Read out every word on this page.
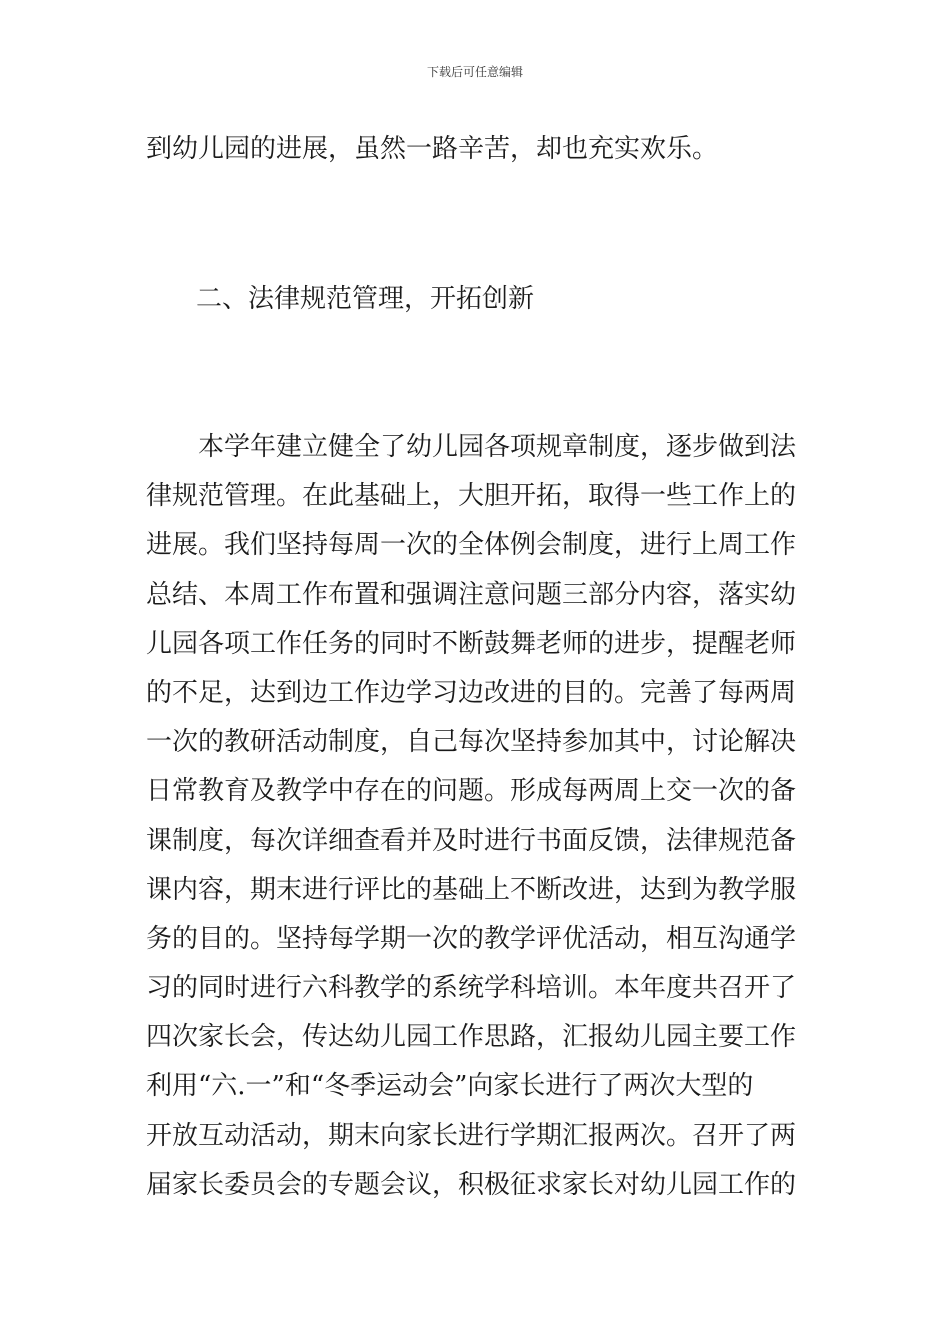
下载后可任意编辑
到幼儿园的进展，虽然一路辛苦，却也充实欢乐。
二、法律规范管理，开拓创新
本学年建立健全了幼儿园各项规章制度，逐步做到法
律规范管理。在此基础上，大胆开拓，取得一些工作上的
进展。我们坚持每周一次的全体例会制度，进行上周工作
总结、本周工作布置和强调注意问题三部分内容，落实幼
儿园各项工作任务的同时不断鼓舞老师的进步，提醒老师
的不足，达到边工作边学习边改进的目的。完善了每两周
一次的教研活动制度，自己每次坚持参加其中，讨论解决
日常教育及教学中存在的问题。形成每两周上交一次的备
课制度，每次详细查看并及时进行书面反馈，法律规范备
课内容，期末进行评比的基础上不断改进，达到为教学服
务的目的。坚持每学期一次的教学评优活动，相互沟通学
习的同时进行六科教学的系统学科培训。本年度共召开了
四次家长会，传达幼儿园工作思路，汇报幼儿园主要工作
利用“六.一”和“冬季运动会”向家长进行了两次大型的
开放互动活动，期末向家长进行学期汇报两次。召开了两
届家长委员会的专题会议，积极征求家长对幼儿园工作的
